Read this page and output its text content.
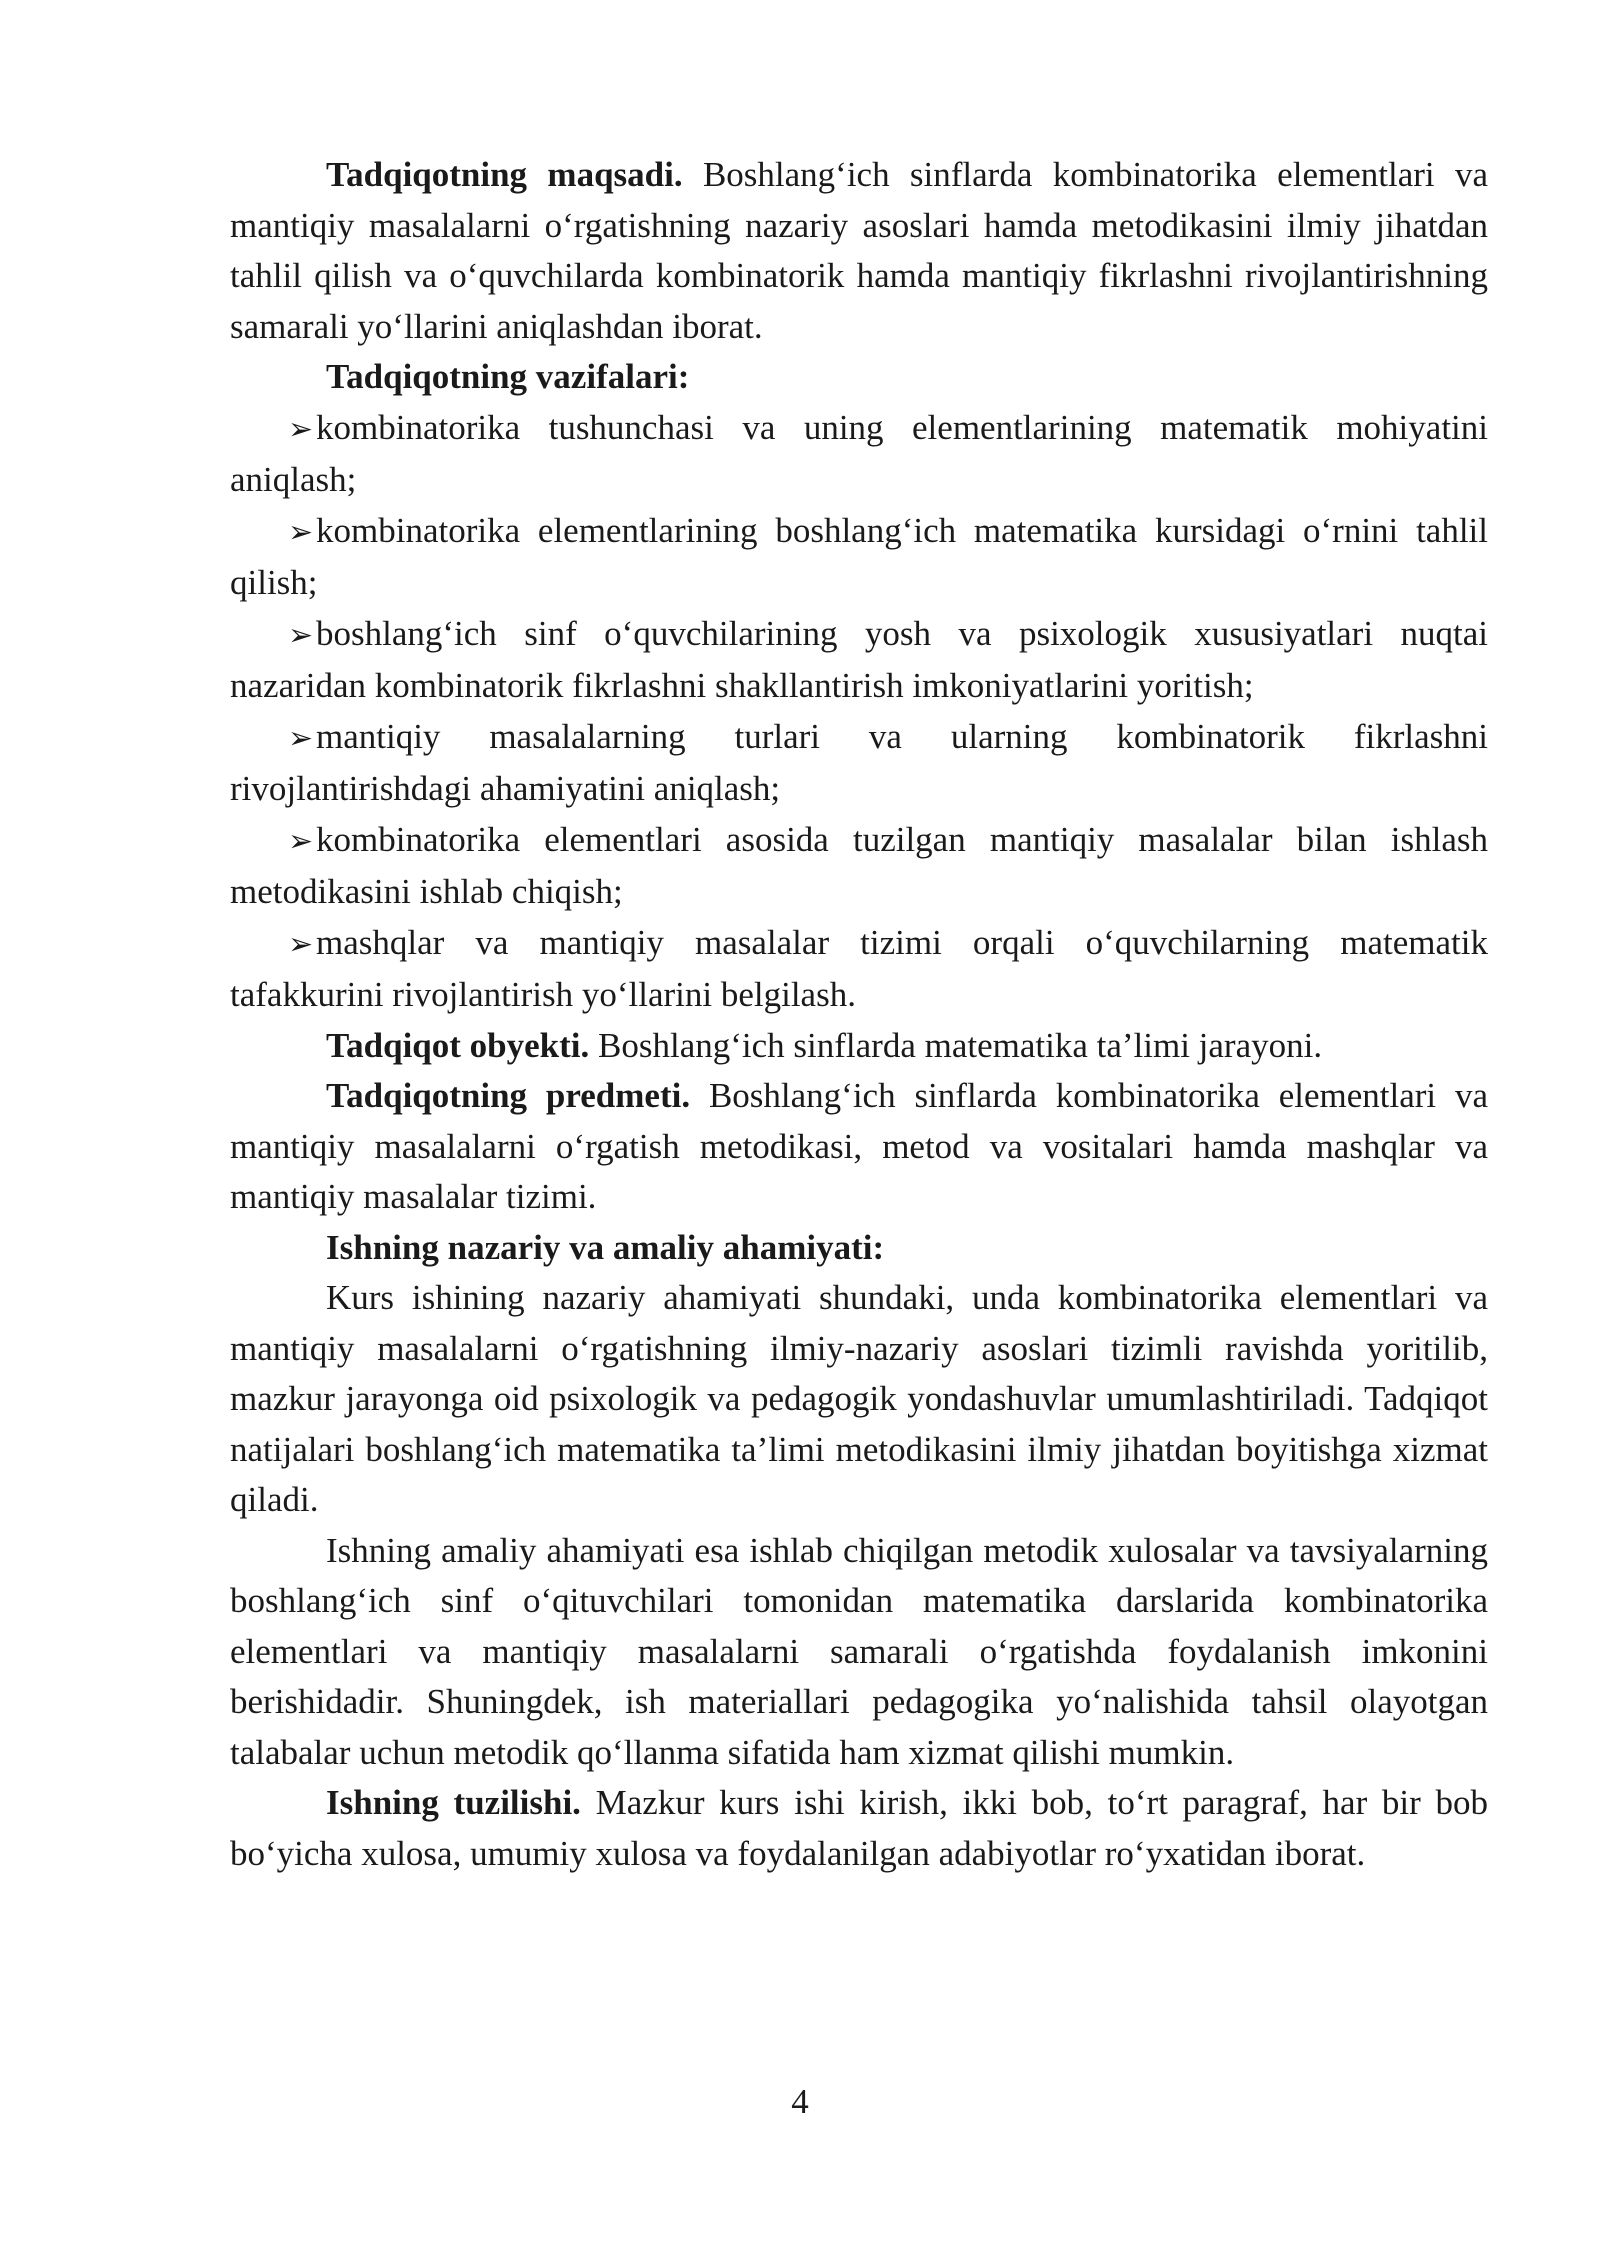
Tadqiqotning maqsadi. Boshlang‘ich sinflarda kombinatorika elementlari va mantiqiy masalalarni o‘rgatishning nazariy asoslari hamda metodikasini ilmiy jihatdan tahlil qilish va o‘quvchilarda kombinatorik hamda mantiqiy fikrlashni rivojlantirishning samarali yo‘llarini aniqlashdan iborat.

Tadqiqotning vazifalari:

➢kombinatorika tushunchasi va uning elementlarining matematik mohiyatini aniqlash;

➢kombinatorika elementlarining boshlang‘ich matematika kursidagi o‘rnini tahlil qilish;

➢boshlang‘ich sinf o‘quvchilarining yosh va psixologik xususiyatlari nuqtai nazaridan kombinatorik fikrlashni shakllantirish imkoniyatlarini yoritish;

➢mantiqiy masalalarning turlari va ularning kombinatorik fikrlashni rivojlantirishdagi ahamiyatini aniqlash;

➢kombinatorika elementlari asosida tuzilgan mantiqiy masalalar bilan ishlash metodikasini ishlab chiqish;

➢mashqlar va mantiqiy masalalar tizimi orqali o‘quvchilarning matematik tafakkurini rivojlantirish yo‘llarini belgilash.

Tadqiqot obyekti. Boshlang‘ich sinflarda matematika ta’limi jarayoni.

Tadqiqotning predmeti. Boshlang‘ich sinflarda kombinatorika elementlari va mantiqiy masalalarni o‘rgatish metodikasi, metod va vositalari hamda mashqlar va mantiqiy masalalar tizimi.

Ishning nazariy va amaliy ahamiyati:

Kurs ishining nazariy ahamiyati shundaki, unda kombinatorika elementlari va mantiqiy masalalarni o‘rgatishning ilmiy-nazariy asoslari tizimli ravishda yoritilib, mazkur jarayonga oid psixologik va pedagogik yondashuvlar umumlashtiriladi. Tadqiqot natijalari boshlang‘ich matematika ta’limi metodikasini ilmiy jihatdan boyitishga xizmat qiladi.

Ishning amaliy ahamiyati esa ishlab chiqilgan metodik xulosalar va tavsiyalarning boshlang‘ich sinf o‘qituvchilari tomonidan matematika darslarida kombinatorika elementlari va mantiqiy masalalarni samarali o‘rgatishda foydalanish imkonini berishidadir. Shuningdek, ish materiallari pedagogika yo‘nalishida tahsil olayotgan talabalar uchun metodik qo‘llanma sifatida ham xizmat qilishi mumkin.

Ishning tuzilishi. Mazkur kurs ishi kirish, ikki bob, to‘rt paragraf, har bir bob bo‘yicha xulosa, umumiy xulosa va foydalanilgan adabiyotlar ro‘yxatidan iborat.

4
